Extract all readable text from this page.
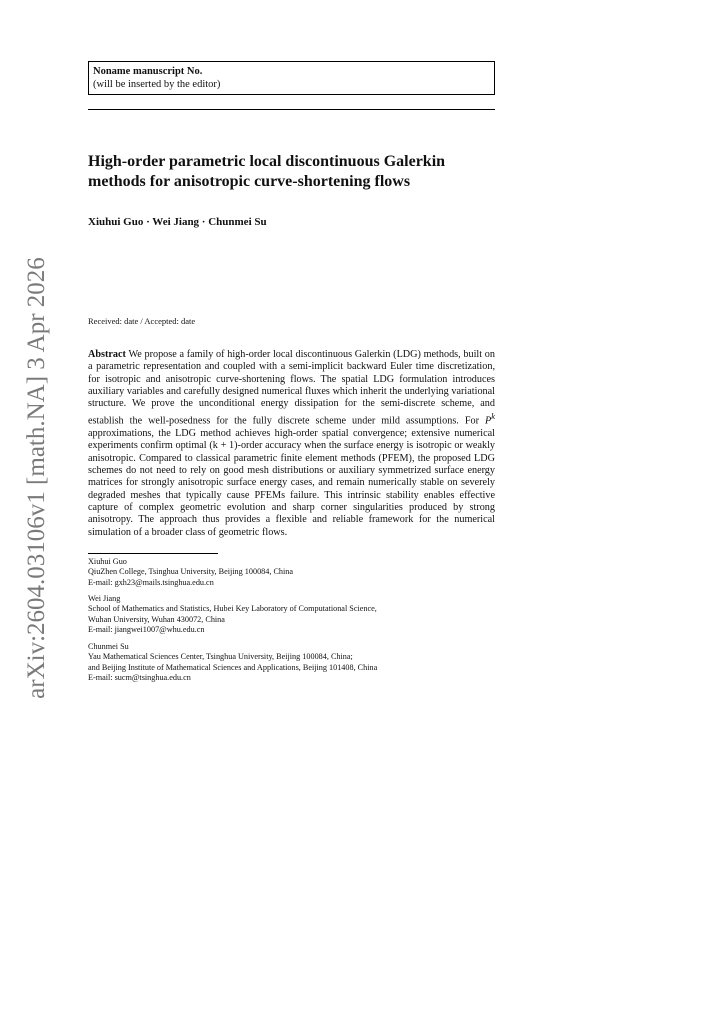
arXiv:2604.03106v1 [math.NA] 3 Apr 2026
Noname manuscript No.
(will be inserted by the editor)
High-order parametric local discontinuous Galerkin
methods for anisotropic curve-shortening flows
Xiuhui Guo · Wei Jiang · Chunmei Su
Received: date / Accepted: date
Abstract We propose a family of high-order local discontinuous Galerkin (LDG) methods, built on a parametric representation and coupled with a semi-implicit backward Euler time discretization, for isotropic and anisotropic curve-shortening flows. The spatial LDG formulation introduces auxiliary variables and carefully designed numerical fluxes which inherit the underlying variational structure. We prove the unconditional energy dissipation for the semi-discrete scheme, and establish the well-posedness for the fully discrete scheme under mild assumptions. For $P^k$ approximations, the LDG method achieves high-order spatial convergence; extensive numerical experiments confirm optimal (k + 1)-order accuracy when the surface energy is isotropic or weakly anisotropic. Compared to classical parametric finite element methods (PFEM), the proposed LDG schemes do not need to rely on good mesh distributions or auxiliary symmetrized surface energy matrices for strongly anisotropic surface energy cases, and remain numerically stable on severely degraded meshes that typically cause PFEMs failure. This intrinsic stability enables effective capture of complex geometric evolution and sharp corner singularities produced by strong anisotropy. The approach thus provides a flexible and reliable framework for the numerical simulation of a broader class of geometric flows.
Xiuhui Guo
QiuZhen College, Tsinghua University, Beijing 100084, China
E-mail: gxh23@mails.tsinghua.edu.cn
Wei Jiang
School of Mathematics and Statistics, Hubei Key Laboratory of Computational Science,
Wuhan University, Wuhan 430072, China
E-mail: jiangwei1007@whu.edu.cn
Chunmei Su
Yau Mathematical Sciences Center, Tsinghua University, Beijing 100084, China;
and Beijing Institute of Mathematical Sciences and Applications, Beijing 101408, China
E-mail: sucm@tsinghua.edu.cn
